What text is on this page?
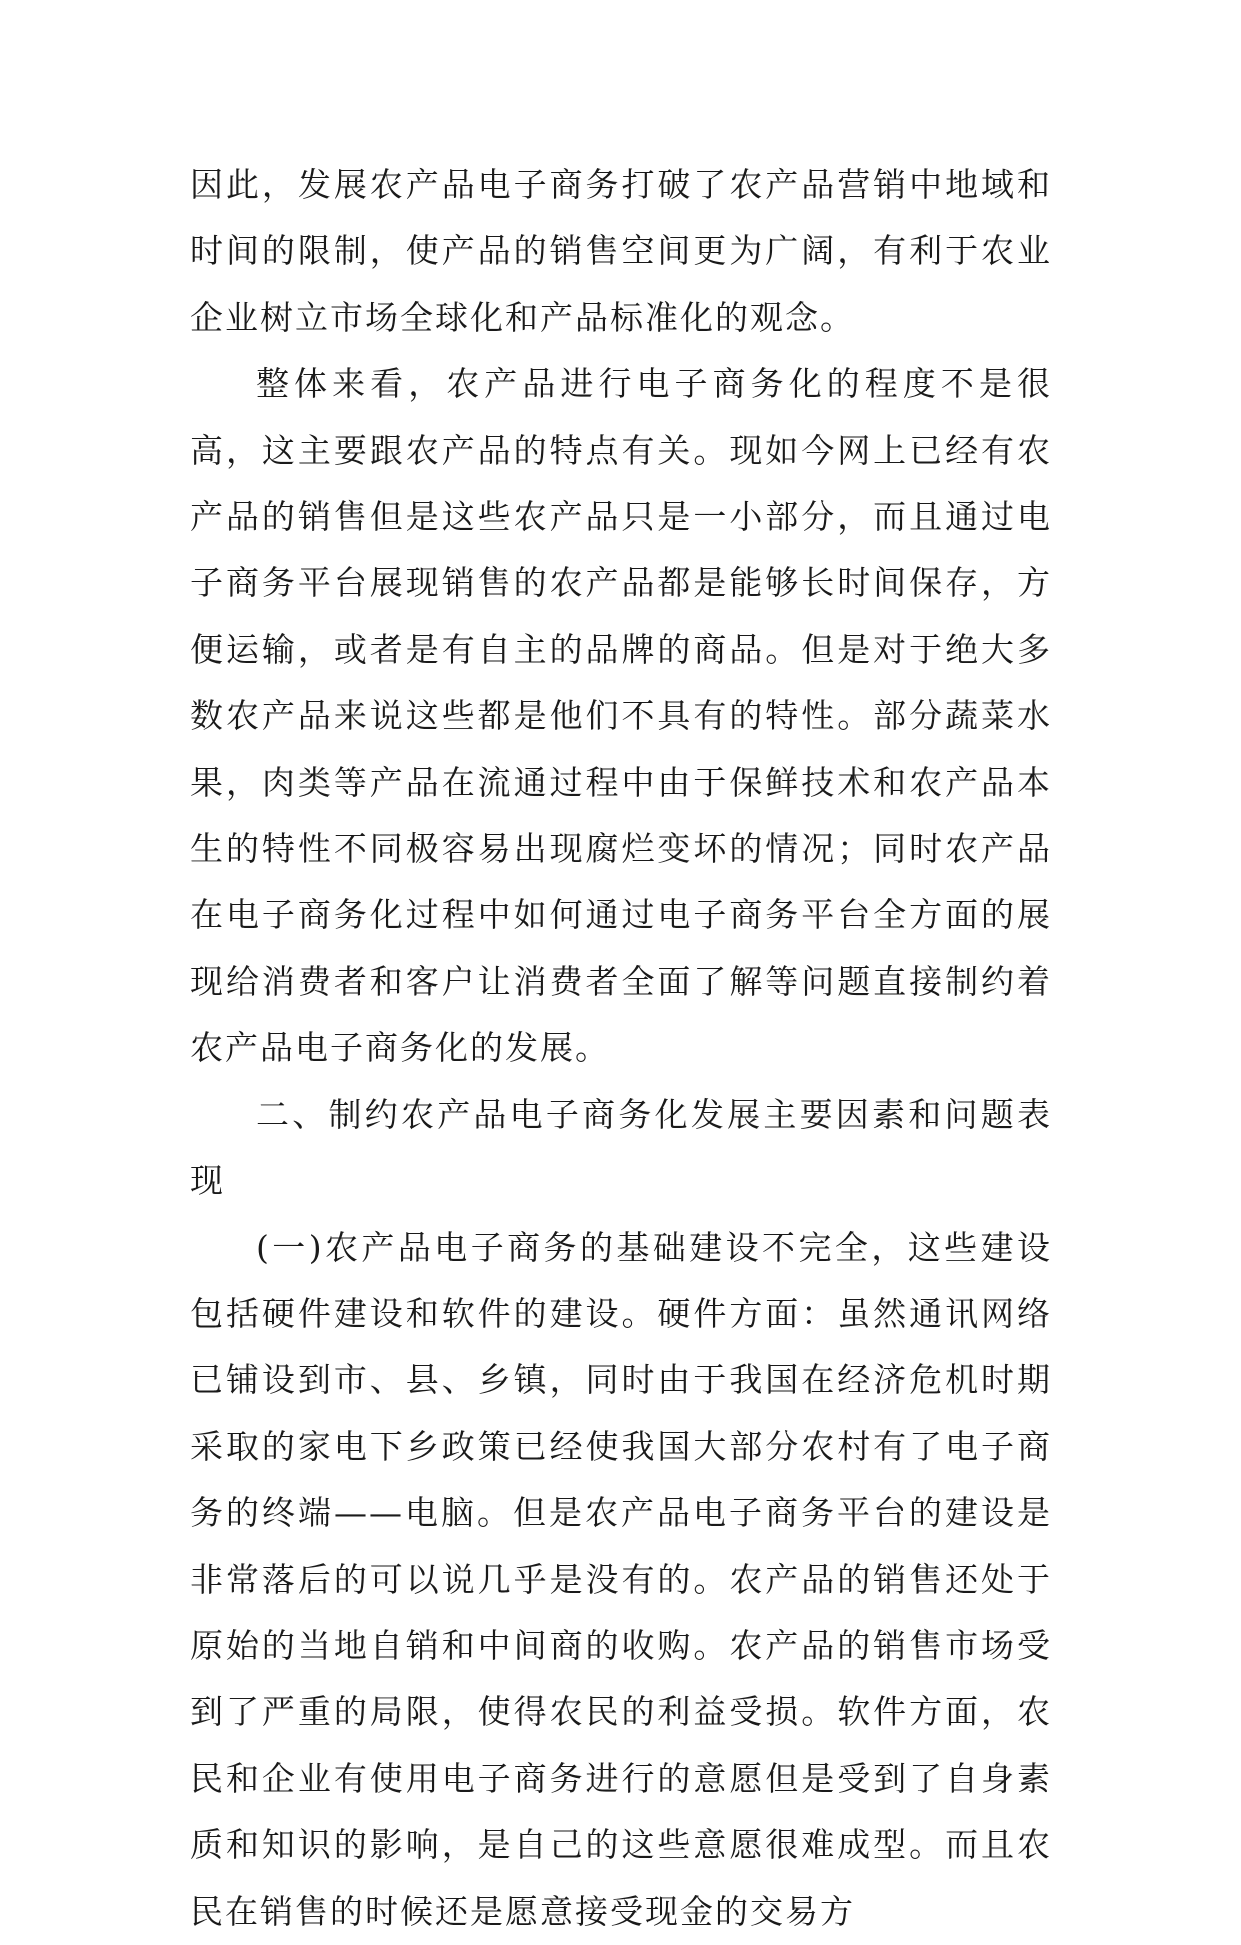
因此，发展农产品电子商务打破了农产品营销中地域和时间的限制，使产品的销售空间更为广阔，有利于农业企业树立市场全球化和产品标准化的观念。

整体来看，农产品进行电子商务化的程度不是很高，这主要跟农产品的特点有关。现如今网上已经有农产品的销售但是这些农产品只是一小部分，而且通过电子商务平台展现销售的农产品都是能够长时间保存，方便运输，或者是有自主的品牌的商品。但是对于绝大多数农产品来说这些都是他们不具有的特性。部分蔬菜水果，肉类等产品在流通过程中由于保鲜技术和农产品本生的特性不同极容易出现腐烂变坏的情况；同时农产品在电子商务化过程中如何通过电子商务平台全方面的展现给消费者和客户让消费者全面了解等问题直接制约着农产品电子商务化的发展。

二、制约农产品电子商务化发展主要因素和问题表现

(一)农产品电子商务的基础建设不完全，这些建设包括硬件建设和软件的建设。硬件方面：虽然通讯网络已铺设到市、县、乡镇，同时由于我国在经济危机时期采取的家电下乡政策已经使我国大部分农村有了电子商务的终端——电脑。但是农产品电子商务平台的建设是非常落后的可以说几乎是没有的。农产品的销售还处于原始的当地自销和中间商的收购。农产品的销售市场受到了严重的局限，使得农民的利益受损。软件方面，农民和企业有使用电子商务进行的意愿但是受到了自身素质和知识的影响，是自己的这些意愿很难成型。而且农民在销售的时候还是愿意接受现金的交易方
